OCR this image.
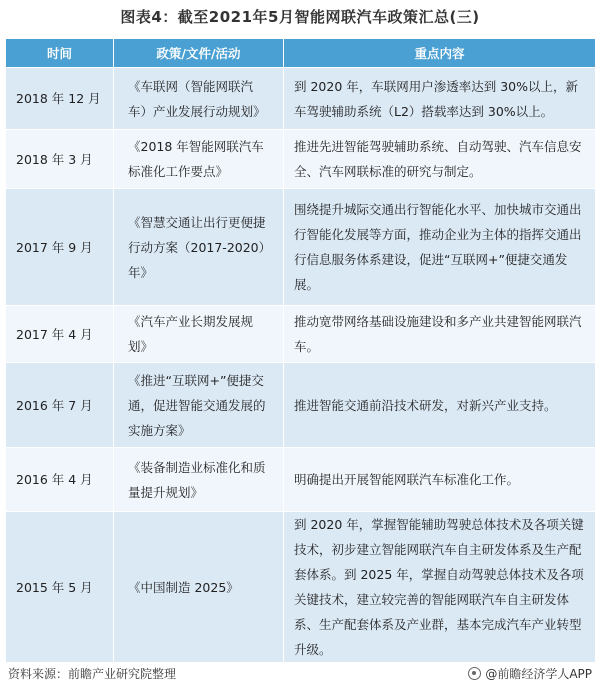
图表4：截至2021年5月智能网联汽车政策汇总(三)
时间	政策/文件/活动	重点内容
2018 年 12 月	《车联网（智能网联汽车）产业发展行动规划》	到 2020 年，车联网用户渗透率达到 30%以上，新车驾驶辅助系统（L2）搭载率达到 30%以上。
2018 年 3 月	《2018 年智能网联汽车标准化工作要点》	推进先进智能驾驶辅助系统、自动驾驶、汽车信息安全、汽车网联标准的研究与制定。
2017 年 9 月	《智慧交通让出行更便捷行动方案（2017-2020）年》	围绕提升城际交通出行智能化水平、加快城市交通出行智能化发展等方面，推动企业为主体的指挥交通出行信息服务体系建设，促进“互联网+”便捷交通发展。
2017 年 4 月	《汽车产业长期发展规划》	推动宽带网络基础设施建设和多产业共建智能网联汽车。
2016 年 7 月	《推进“互联网+”便捷交通，促进智能交通发展的实施方案》	推进智能交通前沿技术研发，对新兴产业支持。
2016 年 4 月	《装备制造业标准化和质量提升规划》	明确提出开展智能网联汽车标准化工作。
2015 年 5 月	《中国制造 2025》	到 2020 年，掌握智能辅助驾驶总体技术及各项关键技术，初步建立智能网联汽车自主研发体系及生产配套体系。到 2025 年，掌握自动驾驶总体技术及各项关键技术，建立较完善的智能网联汽车自主研发体系、生产配套体系及产业群，基本完成汽车产业转型升级。
资料来源：前瞻产业研究院整理	@前瞻经济学人APP
